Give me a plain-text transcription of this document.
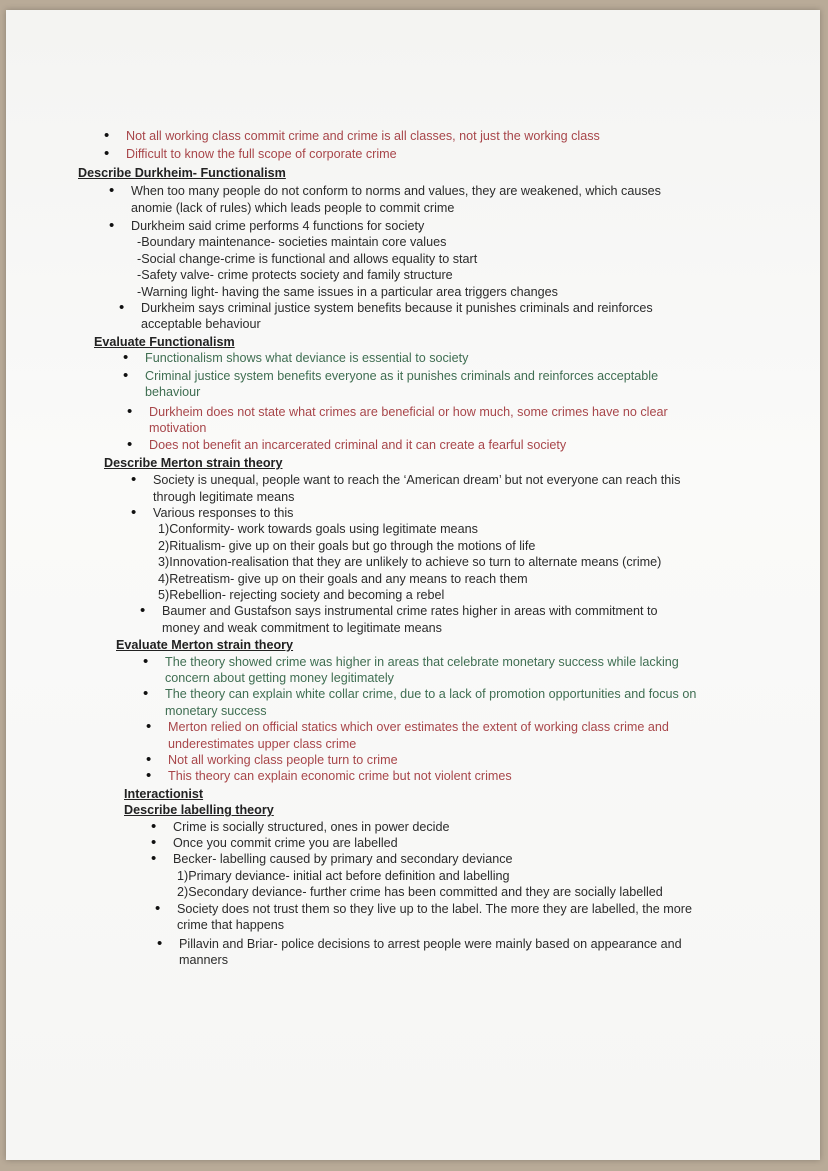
• Not all working class commit crime and crime is all classes, not just the working class
• Difficult to know the full scope of corporate crime
Describe Durkheim- Functionalism
• When too many people do not conform to norms and values, they are weakened, which causes anomie (lack of rules) which leads people to commit crime
• Durkheim said crime performs 4 functions for society
-Boundary maintenance- societies maintain core values
-Social change-crime is functional and allows equality to start
-Safety valve- crime protects society and family structure
-Warning light- having the same issues in a particular area triggers changes
• Durkheim says criminal justice system benefits because it punishes criminals and reinforces acceptable behaviour
Evaluate Functionalism
• Functionalism shows what deviance is essential to society
• Criminal justice system benefits everyone as it punishes criminals and reinforces acceptable behaviour
• Durkheim does not state what crimes are beneficial or how much, some crimes have no clear motivation
• Does not benefit an incarcerated criminal and it can create a fearful society
Describe Merton strain theory
• Society is unequal, people want to reach the ‘American dream’ but not everyone can reach this through legitimate means
• Various responses to this
1)Conformity- work towards goals using legitimate means
2)Ritualism- give up on their goals but go through the motions of life
3)Innovation-realisation that they are unlikely to achieve so turn to alternate means (crime)
4)Retreatism- give up on their goals and any means to reach them
5)Rebellion- rejecting society and becoming a rebel
• Baumer and Gustafson says instrumental crime rates higher in areas with commitment to money and weak commitment to legitimate means
Evaluate Merton strain theory
• The theory showed crime was higher in areas that celebrate monetary success while lacking concern about getting money legitimately
• The theory can explain white collar crime, due to a lack of promotion opportunities and focus on monetary success
• Merton relied on official statics which over estimates the extent of working class crime and underestimates upper class crime
• Not all working class people turn to crime
• This theory can explain economic crime but not violent crimes
Interactionist
Describe labelling theory
• Crime is socially structured, ones in power decide
• Once you commit crime you are labelled
• Becker- labelling caused by primary and secondary deviance
1)Primary deviance- initial act before definition and labelling
2)Secondary deviance- further crime has been committed and they are socially labelled
• Society does not trust them so they live up to the label. The more they are labelled, the more crime that happens
• Pillavin and Briar- police decisions to arrest people were mainly based on appearance and manners
